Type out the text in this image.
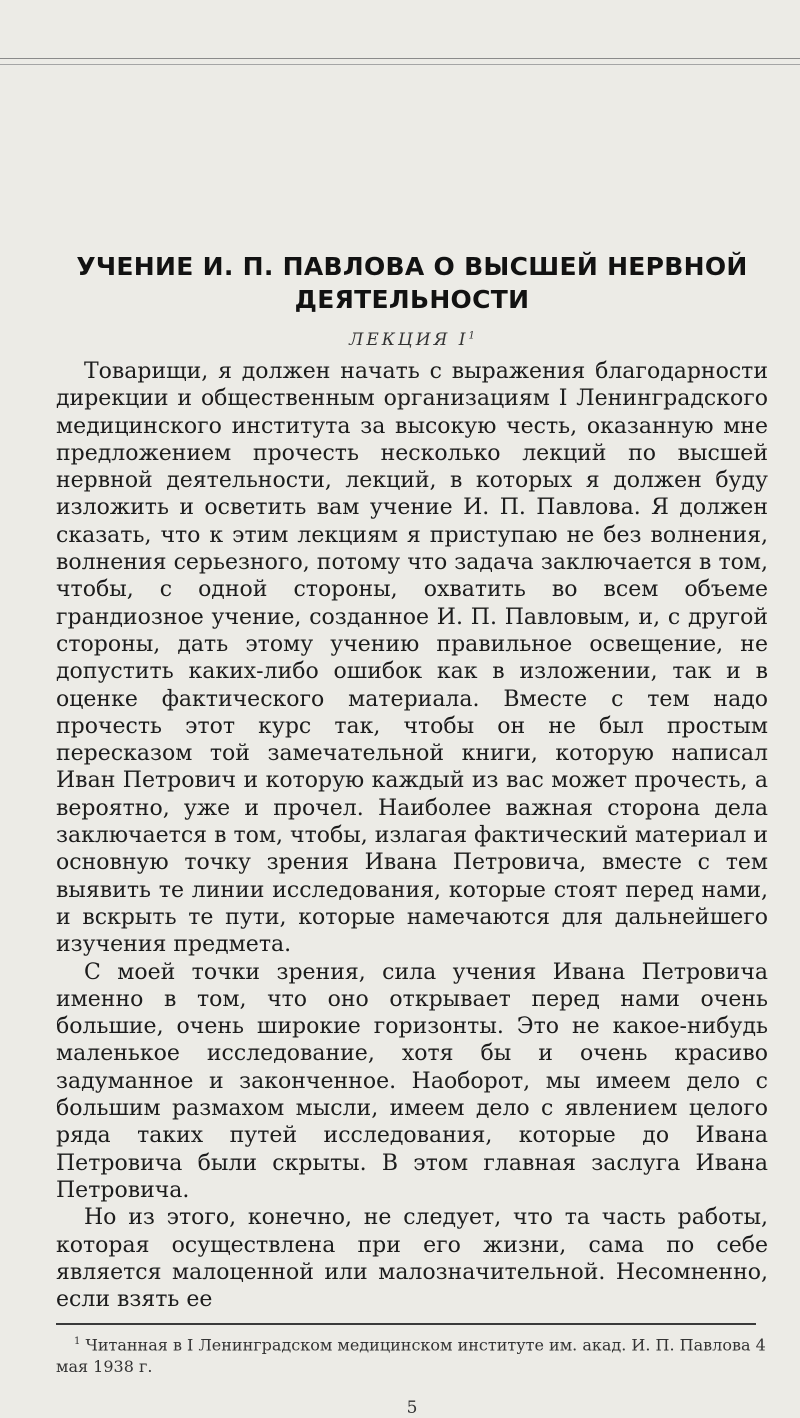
УЧЕНИЕ И. П. ПАВЛОВА О ВЫСШЕЙ НЕРВНОЙ
ДЕЯТЕЛЬНОСТИ
ЛЕКЦИЯ $I^1$

Товарищи, я должен начать с выражения благодарности дирекции и общественным организациям I Ленинградского медицинского института за высокую честь, оказанную мне предложением прочесть несколько лекций по высшей нервной деятельности, лекций, в которых я должен буду изложить и осветить вам учение И. П. Павлова. Я должен сказать, что к этим лекциям я приступаю не без волнения, волнения серьезного, потому что задача заключается в том, чтобы, с одной стороны, охватить во всем объеме грандиозное учение, созданное И. П. Павловым, и, с другой стороны, дать этому учению правильное освещение, не допустить каких-либо ошибок как в изложении, так и в оценке фактического материала. Вместе с тем надо прочесть этот курс так, чтобы он не был простым пересказом той замечательной книги, которую написал Иван Петрович и которую каждый из вас может прочесть, а вероятно, уже и прочел. Наиболее важная сторона дела заключается в том, чтобы, излагая фактический материал и основную точку зрения Ивана Петровича, вместе с тем выявить те линии исследования, которые стоят перед нами, и вскрыть те пути, которые намечаются для дальнейшего изучения предмета.

С моей точки зрения, сила учения Ивана Петровича именно в том, что оно открывает перед нами очень большие, очень широкие горизонты. Это не какое-нибудь маленькое исследование, хотя бы и очень красиво задуманное и законченное. Наоборот, мы имеем дело с большим размахом мысли, имеем дело с явлением целого ряда таких путей исследования, которые до Ивана Петровича были скрыты. В этом главная заслуга Ивана Петровича.

Но из этого, конечно, не следует, что та часть работы, которая осуществлена при его жизни, сама по себе является малоценной или малозначительной. Несомненно, если взять ее

$^1$ Читанная в I Ленинградском медицинском институте им. акад. И. П. Павлова 4 мая 1938 г.

5
